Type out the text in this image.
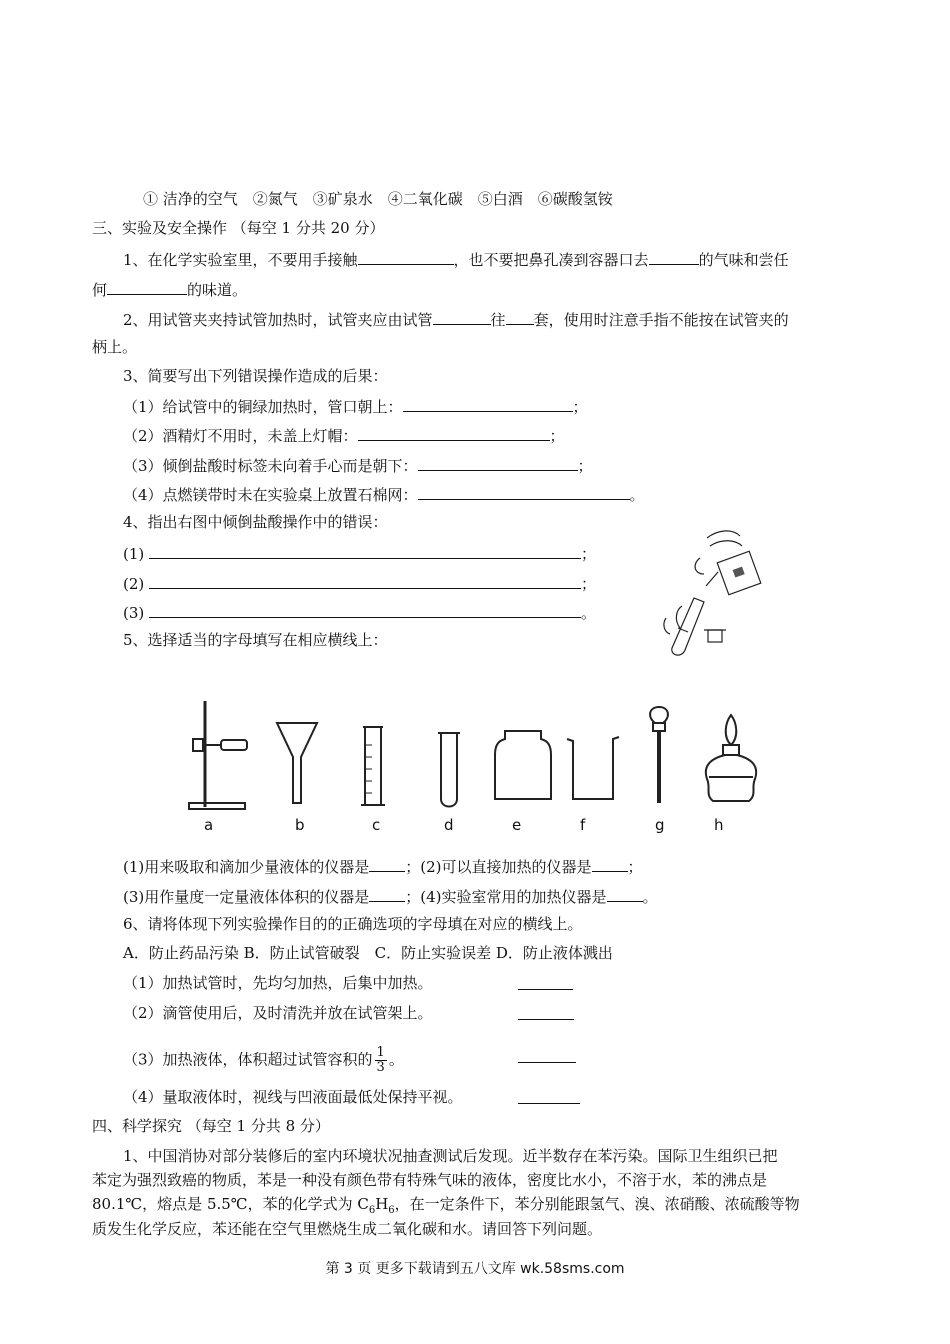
① 洁净的空气　②氮气　③矿泉水　④二氧化碳　⑤白酒　⑥碳酸氢铵
三、实验及安全操作 （每空 1 分共 20 分）
1、在化学实验室里，不要用手接触	，也不要把鼻孔凑到容器口去	的气味和尝任
何	的味道。
2、用试管夹夹持试管加热时，试管夹应由试管	往 套，使用时注意手指不能按在试管夹的
柄上。
3、简要写出下列错误操作造成的后果：
（1）给试管中的铜绿加热时，管口朝上：	；
（2）酒精灯不用时，未盖上灯帽：	；
（3）倾倒盐酸时标签未向着手心而是朝下：	；
（4）点燃镁带时未在实验桌上放置石棉网：	。
4、指出右图中倾倒盐酸操作中的错误：
(1)	；
(2)	；
(3)	。
5、选择适当的字母填写在相应横线上：
a	b	c	d	e	f	g	h
(1)用来吸取和滴加少量液体的仪器是 ；(2)可以直接加热的仪器是 ；
(3)用作量度一定量液体体积的仪器是 ；(4)实验室常用的加热仪器是 。
6、请将体现下列实验操作目的的正确选项的字母填在对应的横线上。
A．防止药品污染 B．防止试管破裂　C．防止实验误差 D．防止液体溅出
（1）加热试管时，先均匀加热，后集中加热。
（2）滴管使用后，及时清洗并放在试管架上。
（3）加热液体，体积超过试管容积的 $\frac{1}{3}$ 。
（4）量取液体时，视线与凹液面最低处保持平视。
四、科学探究 （每空 1 分共 8 分）
1、中国消协对部分装修后的室内环境状况抽查测试后发现。近半数存在苯污染。国际卫生组织已把
苯定为强烈致癌的物质，苯是一种没有颜色带有特殊气味的液体，密度比水小，不溶于水，苯的沸点是
80.1℃，熔点是 5.5℃，苯的化学式为 $C_6H_6$，在一定条件下，苯分别能跟氢气、溴、浓硝酸、浓硫酸等物
质发生化学反应，苯还能在空气里燃烧生成二氧化碳和水。请回答下列问题。
第 3 页 更多下载请到五八文库 wk.58sms.com
